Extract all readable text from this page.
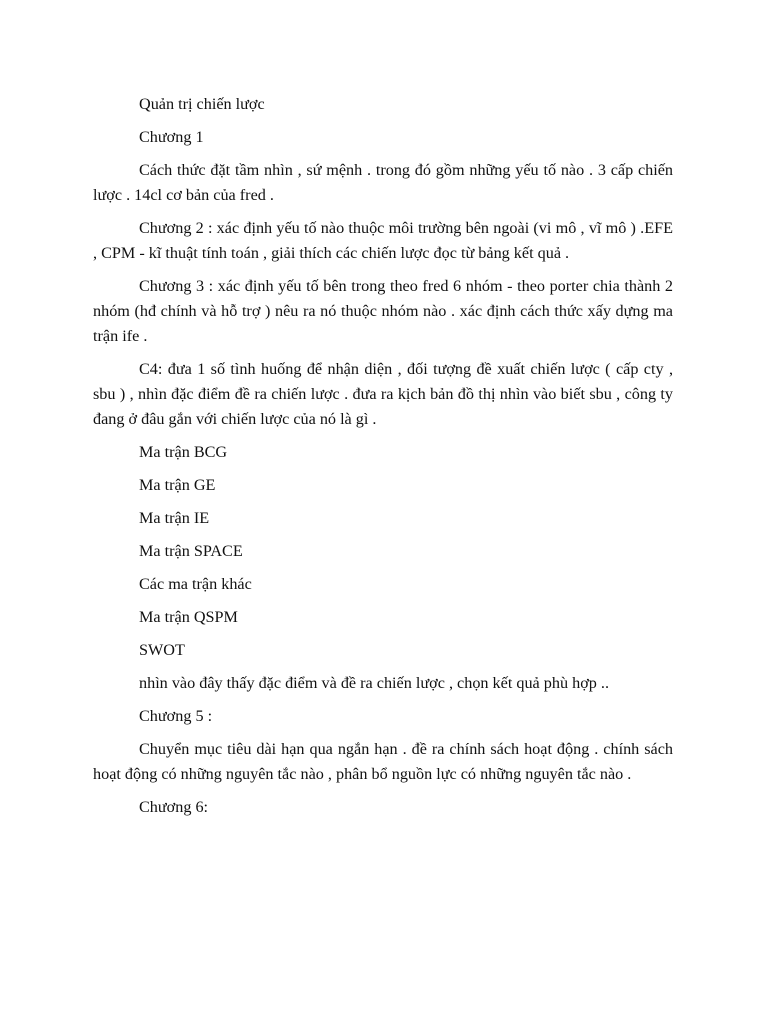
Quản trị chiến lược

Chương 1

Cách thức đặt tầm nhìn , sứ mệnh . trong đó gồm những yếu tố nào . 3 cấp chiến lược . 14cl cơ bản của fred .

Chương 2 : xác định yếu tố nào thuộc môi trường bên ngoài (vi mô , vĩ mô ) .EFE , CPM - kĩ thuật tính toán , giải thích các chiến lược đọc từ bảng kết quả .

Chương 3 : xác định yếu tố bên trong theo fred 6 nhóm - theo porter chia thành 2 nhóm (hđ chính và hỗ trợ ) nêu ra nó thuộc nhóm nào . xác định cách thức xấy dựng ma trận ife .

C4: đưa 1 số tình huống để nhận diện , đối tượng đề xuất chiến lược ( cấp cty , sbu ) , nhìn đặc điểm đề ra chiến lược . đưa ra kịch bản đồ thị nhìn vào biết sbu , công ty đang ở đâu gắn với chiến lược của nó là gì .

Ma trận BCG

Ma trận GE

Ma trận IE

Ma trận SPACE

Các ma trận khác

Ma trận QSPM

SWOT

nhìn vào đây thấy đặc điểm và đề ra chiến lược , chọn kết quả phù hợp ..

Chương 5 :

Chuyển mục tiêu dài hạn qua ngắn hạn . đề ra chính sách hoạt động . chính sách hoạt động có những nguyên tắc nào , phân bổ nguồn lực có những nguyên tắc nào .

Chương 6:
